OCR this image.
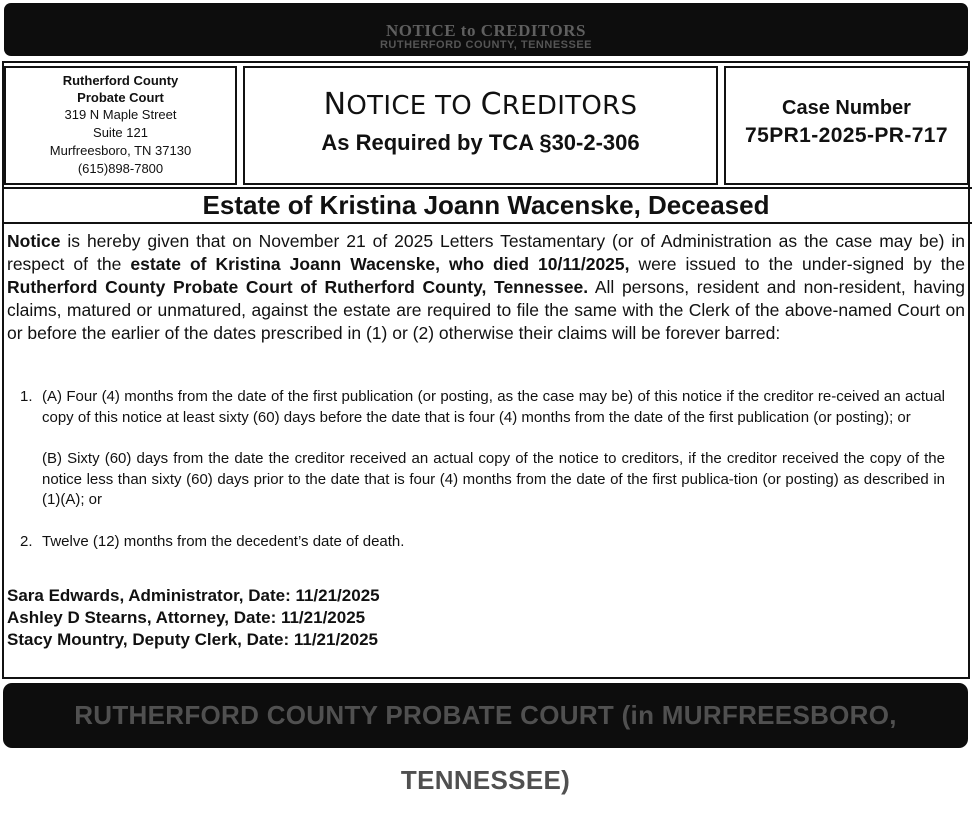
NOTICE to CREDITORS
RUTHERFORD COUNTY, TENNESSEE
Rutherford County
Probate Court
319 N Maple Street
Suite 121
Murfreesboro, TN 37130
(615)898-7800
NOTICE TO CREDITORS
As Required by TCA §30-2-306
Case Number
75PR1-2025-PR-717
Estate of Kristina Joann Wacenske, Deceased
Notice is hereby given that on November 21 of 2025 Letters Testamentary (or of Administration as the case may be) in respect of the estate of Kristina Joann Wacenske, who died 10/11/2025, were issued to the under-signed by the Rutherford County Probate Court of Rutherford County, Tennessee. All persons, resident and non-resident, having claims, matured or unmatured, against the estate are required to file the same with the Clerk of the above-named Court on or before the earlier of the dates prescribed in (1) or (2) otherwise their claims will be forever barred:
1. (A) Four (4) months from the date of the first publication (or posting, as the case may be) of this notice if the creditor re-ceived an actual copy of this notice at least sixty (60) days before the date that is four (4) months from the date of the first publication (or posting); or
(B) Sixty (60) days from the date the creditor received an actual copy of the notice to creditors, if the creditor received the copy of the notice less than sixty (60) days prior to the date that is four (4) months from the date of the first publica-tion (or posting) as described in (1)(A); or
2. Twelve (12) months from the decedent’s date of death.
Sara Edwards, Administrator, Date: 11/21/2025
Ashley D Stearns, Attorney, Date: 11/21/2025
Stacy Mountry, Deputy Clerk, Date: 11/21/2025
RUTHERFORD COUNTY PROBATE COURT (in MURFREESBORO, TENNESSEE)
